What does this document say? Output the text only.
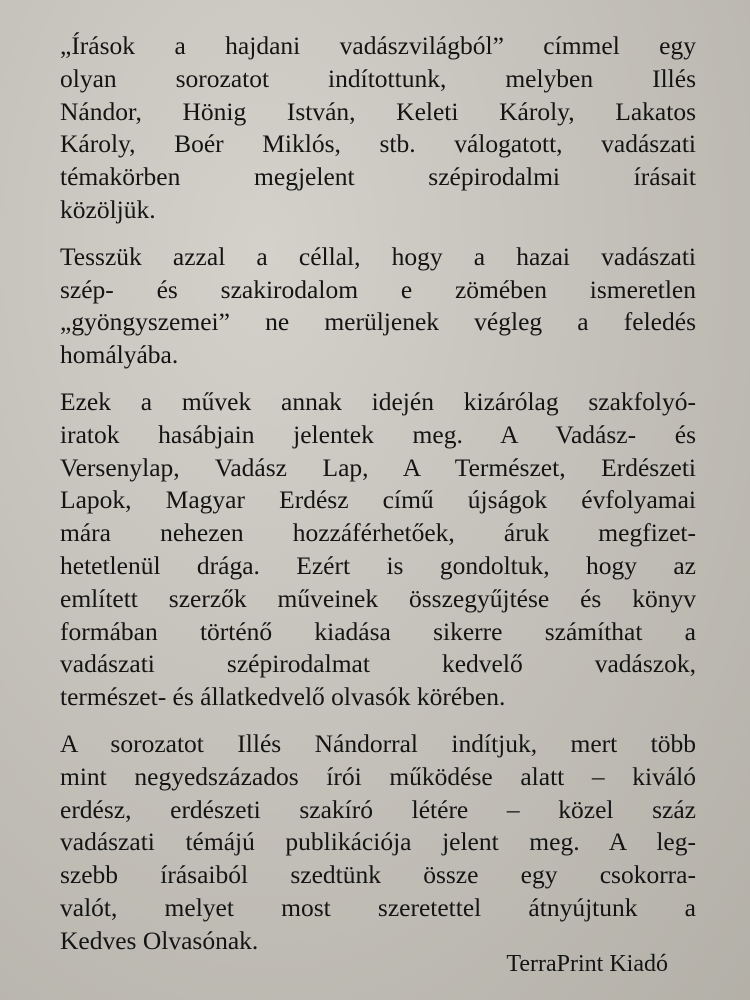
„Írások a hajdani vadászvilágból” címmel egy
olyan sorozatot indítottunk, melyben Illés
Nándor, Hönig István, Keleti Károly, Lakatos
Károly, Boér Miklós, stb. válogatott, vadászati
témakörben megjelent szépirodalmi írásait
közöljük.
Tesszük azzal a céllal, hogy a hazai vadászati
szép- és szakirodalom e zömében ismeretlen
„gyöngyszemei” ne merüljenek végleg a feledés
homályába.
Ezek a művek annak idején kizárólag szakfolyó-
iratok hasábjain jelentek meg. A Vadász- és
Versenylap, Vadász Lap, A Természet, Erdészeti
Lapok, Magyar Erdész című újságok évfolyamai
mára nehezen hozzáférhetőek, áruk megfizet-
hetetlenül drága. Ezért is gondoltuk, hogy az
említett szerzők műveinek összegyűjtése és könyv
formában történő kiadása sikerre számíthat a
vadászati szépirodalmat kedvelő vadászok,
természet- és állatkedvelő olvasók körében.
A sorozatot Illés Nándorral indítjuk, mert több
mint negyedszázados írói működése alatt – kiváló
erdész, erdészeti szakíró létére – közel száz
vadászati témájú publikációja jelent meg. A leg-
szebb írásaiból szedtünk össze egy csokorra-
valót, melyet most szeretettel átnyújtunk a
Kedves Olvasónak.
TerraPrint Kiadó
